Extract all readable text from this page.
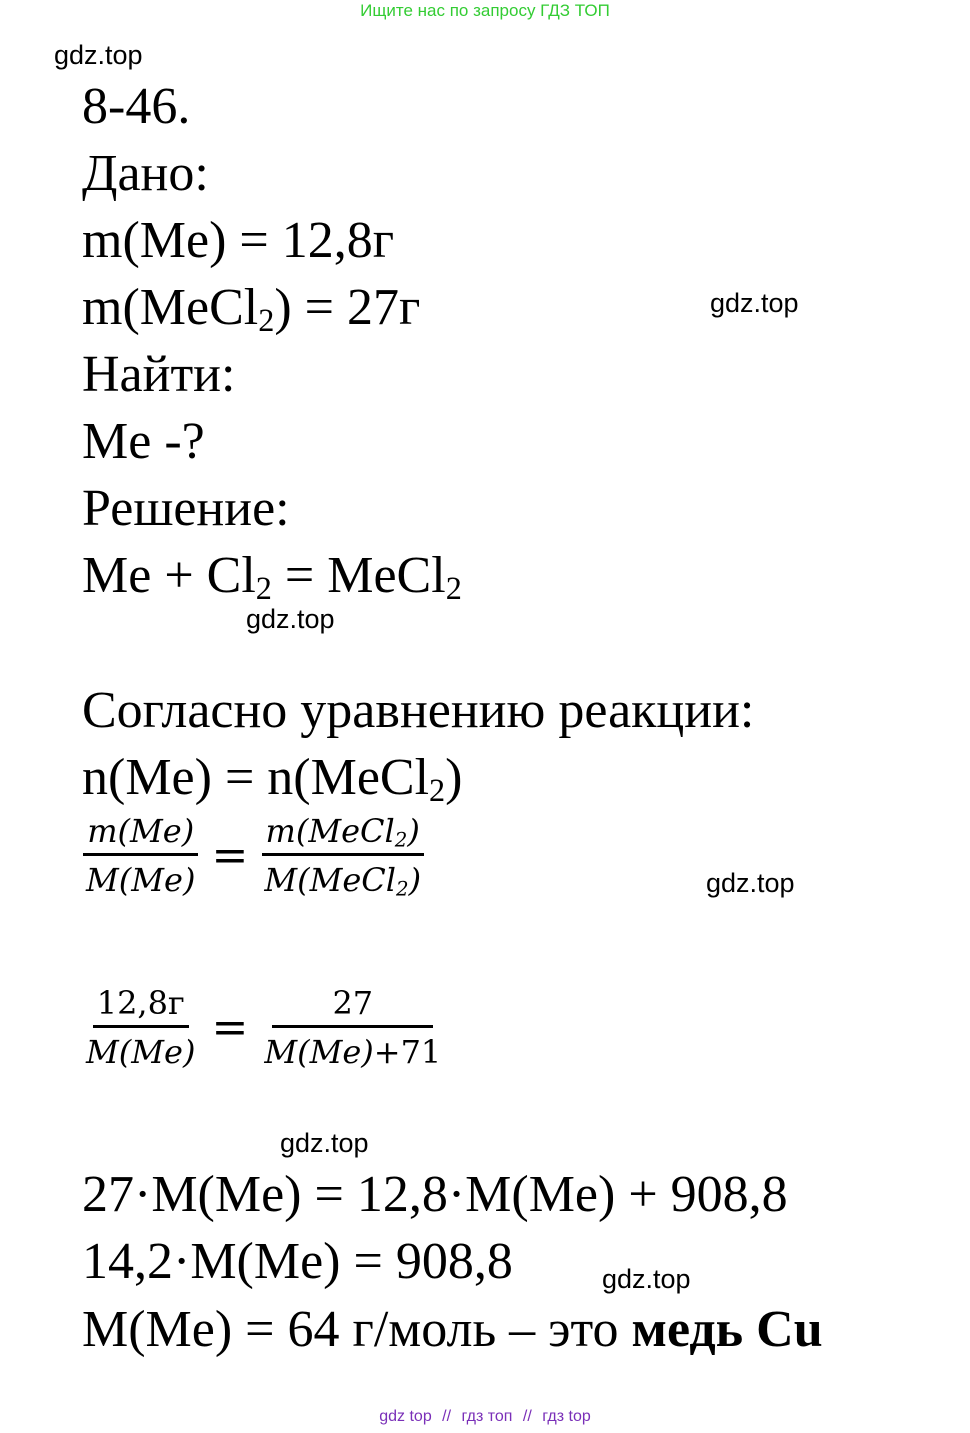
Ищите нас по запросу ГДЗ ТОП
gdz.top
gdz.top
gdz.top
gdz.top
gdz.top
gdz.top
8-46.
Дано:
m(Me) = 12,8г
m(MeCl$_2$) = 27г
Найти:
Me -?
Решение:
$Me + Cl_2$ = MeCl$_2$
Согласно уравнению реакции:
n(Me) = n(MeCl$_2$)
$\frac{m(Me)}{M(Me)} = \frac{m(MeCl_2)}{M(MeCl_2)}$
$\frac{12,8г}{M(Me)} = \frac{27}{M(Me)+71}$
27·M(Me) = 12,8·M(Me) + 908,8
14,2·M(Me) = 908,8
M(Me) = 64 г/моль – это медь Cu
gdz top // гдз топ // гдз top
